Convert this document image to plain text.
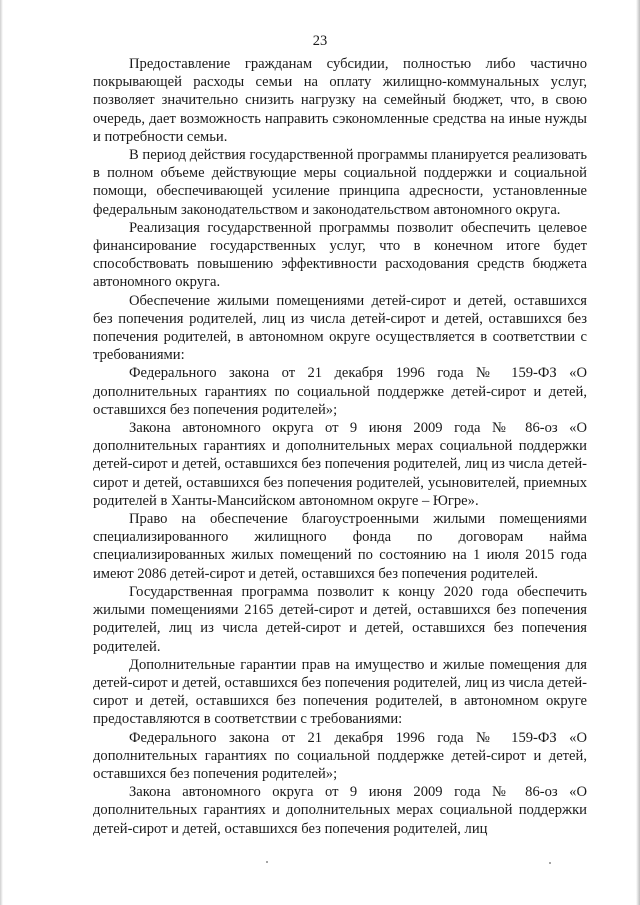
23

Предоставление гражданам субсидии, полностью либо частично покрывающей расходы семьи на оплату жилищно-коммунальных услуг, позволяет значительно снизить нагрузку на семейный бюджет, что, в свою очередь, дает возможность направить сэкономленные средства на иные нужды и потребности семьи.

В период действия государственной программы планируется реализовать в полном объеме действующие меры социальной поддержки и социальной помощи, обеспечивающей усиление принципа адресности, установленные федеральным законодательством и законодательством автономного округа.

Реализация государственной программы позволит обеспечить целевое финансирование государственных услуг, что в конечном итоге будет способствовать повышению эффективности расходования средств бюджета автономного округа.

Обеспечение жилыми помещениями детей-сирот и детей, оставшихся без попечения родителей, лиц из числа детей-сирот и детей, оставшихся без попечения родителей, в автономном округе осуществляется в соответствии с требованиями:

Федерального закона от 21 декабря 1996 года № 159-ФЗ «О дополнительных гарантиях по социальной поддержке детей-сирот и детей, оставшихся без попечения родителей»;

Закона автономного округа от 9 июня 2009 года № 86-оз «О дополнительных гарантиях и дополнительных мерах социальной поддержки детей-сирот и детей, оставшихся без попечения родителей, лиц из числа детей-сирот и детей, оставшихся без попечения родителей, усыновителей, приемных родителей в Ханты-Мансийском автономном округе – Югре».

Право на обеспечение благоустроенными жилыми помещениями специализированного жилищного фонда по договорам найма специализированных жилых помещений по состоянию на 1 июля 2015 года имеют 2086 детей-сирот и детей, оставшихся без попечения родителей.

Государственная программа позволит к концу 2020 года обеспечить жилыми помещениями 2165 детей-сирот и детей, оставшихся без попечения родителей, лиц из числа детей-сирот и детей, оставшихся без попечения родителей.

Дополнительные гарантии прав на имущество и жилые помещения для детей-сирот и детей, оставшихся без попечения родителей, лиц из числа детей-сирот и детей, оставшихся без попечения родителей, в автономном округе предоставляются в соответствии с требованиями:

Федерального закона от 21 декабря 1996 года № 159-ФЗ «О дополнительных гарантиях по социальной поддержке детей-сирот и детей, оставшихся без попечения родителей»;

Закона автономного округа от 9 июня 2009 года № 86-оз «О дополнительных гарантиях и дополнительных мерах социальной поддержки детей-сирот и детей, оставшихся без попечения родителей, лиц
